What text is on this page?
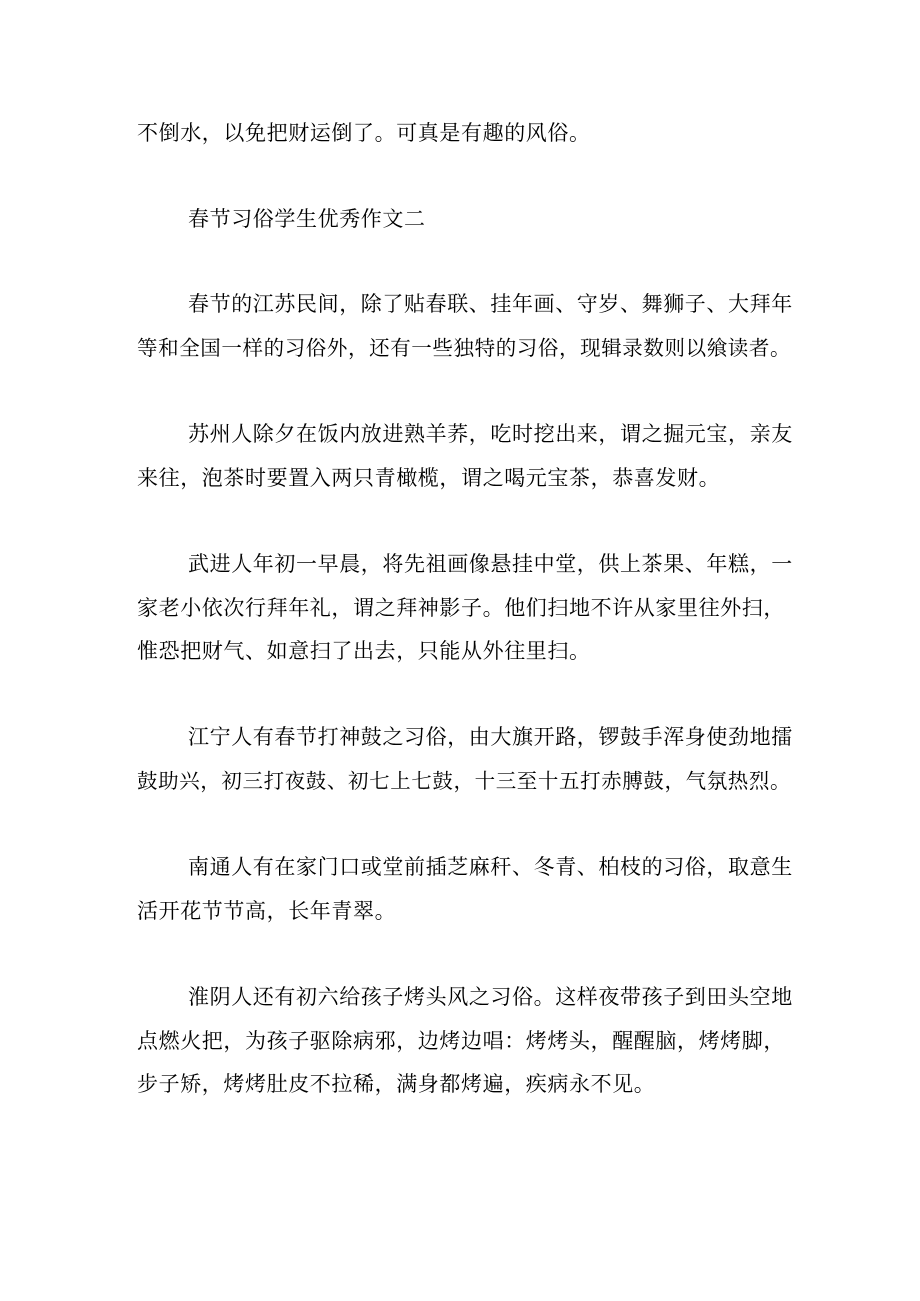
不倒水，以免把财运倒了。可真是有趣的风俗。
春节习俗学生优秀作文二
春节的江苏民间，除了贴春联、挂年画、守岁、舞狮子、大拜年
等和全国一样的习俗外，还有一些独特的习俗，现辑录数则以飨读者。
苏州人除夕在饭内放进熟羊荞，吃时挖出来，谓之掘元宝，亲友
来往，泡茶时要置入两只青橄榄，谓之喝元宝茶，恭喜发财。
武进人年初一早晨，将先祖画像悬挂中堂，供上茶果、年糕，一
家老小依次行拜年礼，谓之拜神影子。他们扫地不许从家里往外扫，
惟恐把财气、如意扫了出去，只能从外往里扫。
江宁人有春节打神鼓之习俗，由大旗开路，锣鼓手浑身使劲地擂
鼓助兴，初三打夜鼓、初七上七鼓，十三至十五打赤膊鼓，气氛热烈。
南通人有在家门口或堂前插芝麻秆、冬青、柏枝的习俗，取意生
活开花节节高，长年青翠。
淮阴人还有初六给孩子烤头风之习俗。这样夜带孩子到田头空地
点燃火把，为孩子驱除病邪，边烤边唱：烤烤头，醒醒脑，烤烤脚，
步子矫，烤烤肚皮不拉稀，满身都烤遍，疾病永不见。
